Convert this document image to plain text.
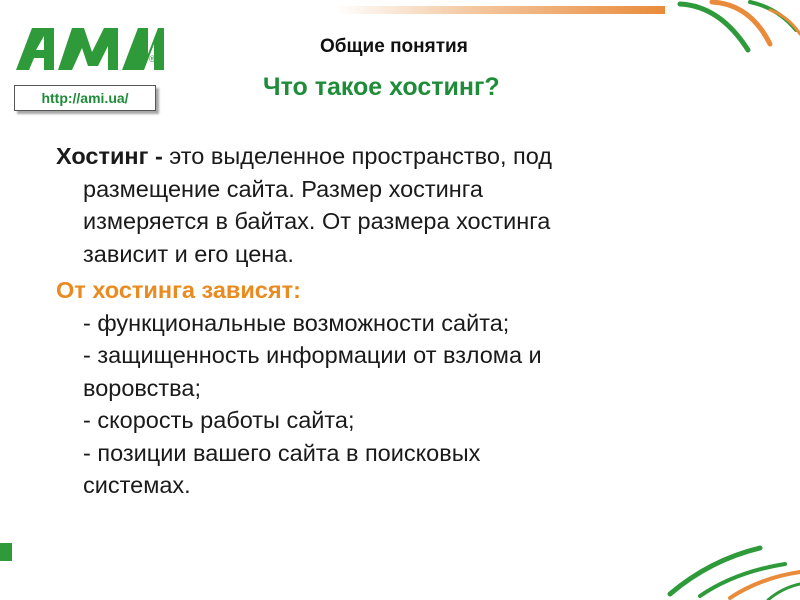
®
http://ami.ua/
Общие понятия
Что такое хостинг?

Хостинг - это выделенное пространство, под
размещение сайта. Размер хостинга
измеряется в байтах. От размера хостинга
зависит и его цена.

От хостинга зависят:

- функциональные возможности сайта;

- защищенность информации от взлома и

воровства;

- скорость работы сайта;

- позиции вашего сайта в поисковых

системах.
